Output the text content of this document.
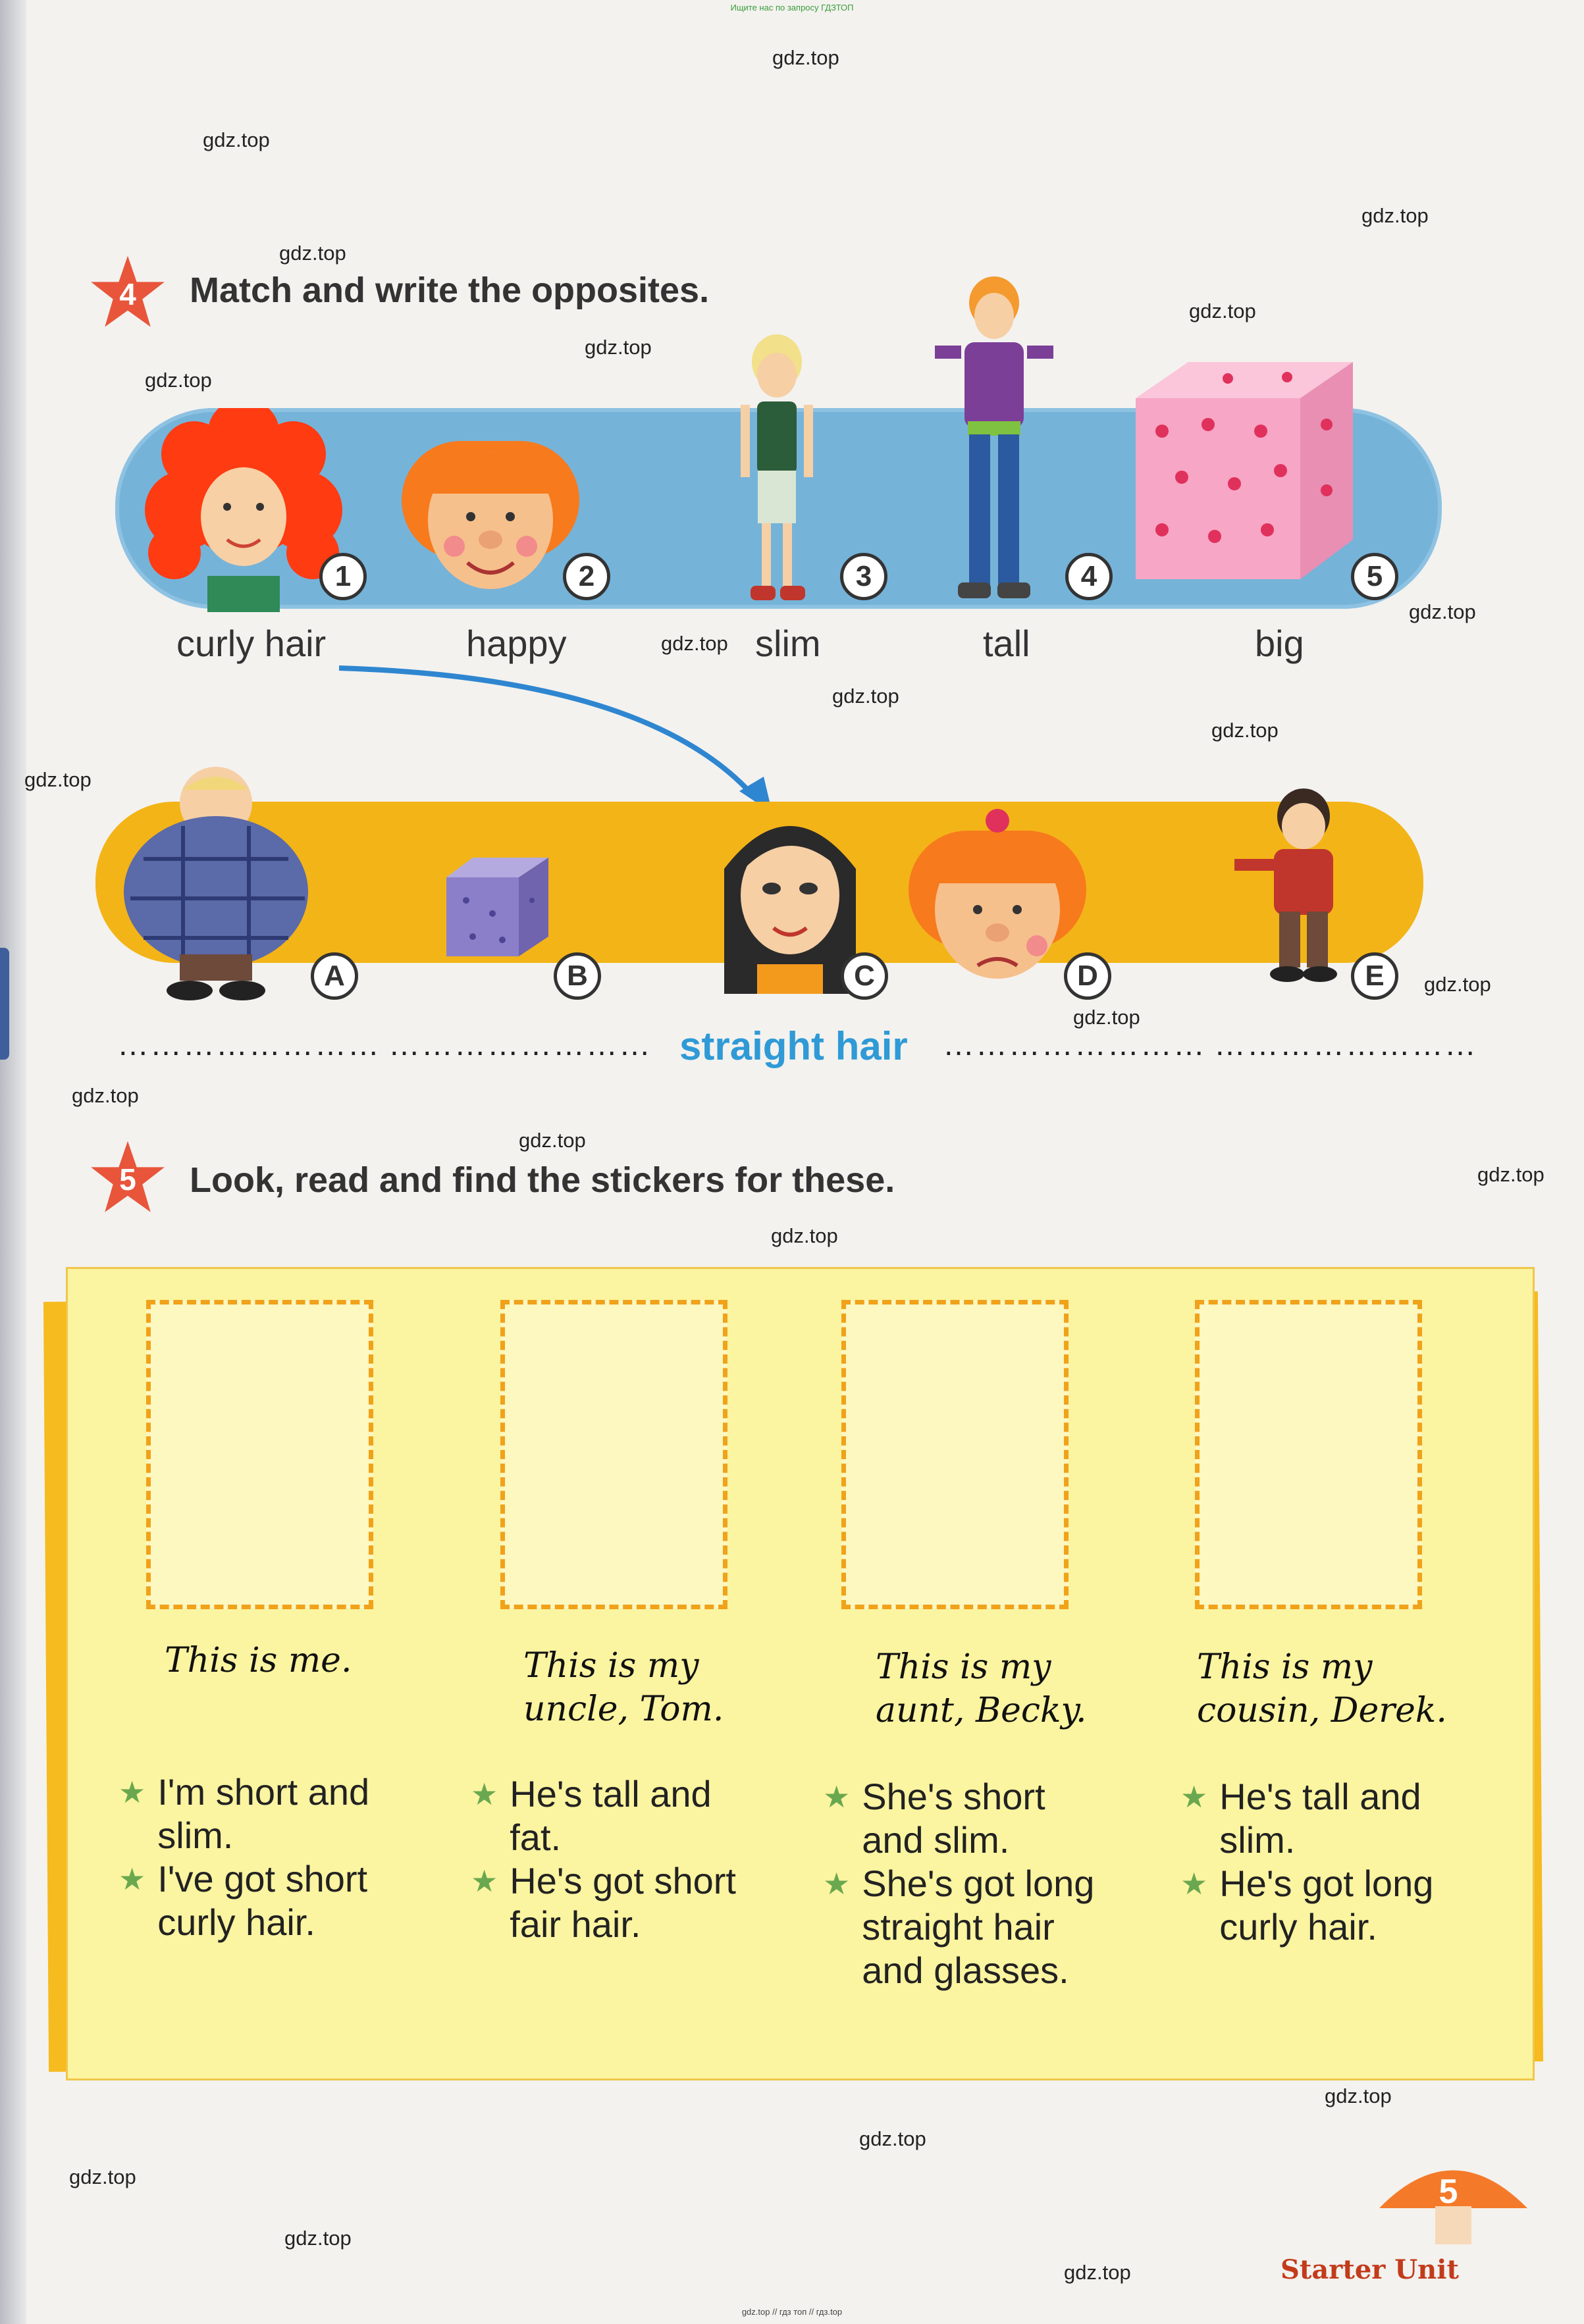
Ищите нас по запросу ГДЗТОП
gdz.top
gdz.top
gdz.top
gdz.top
gdz.top
gdz.top
gdz.top
gdz.top
gdz.top
gdz.top
gdz.top
gdz.top
gdz.top
gdz.top
gdz.top
gdz.top
gdz.top
gdz.top
gdz.top
gdz.top
gdz.top
gdz.top
gdz.top
4	Match and write the opposites.
1	2	3	4	5
curly hair	happy	slim	tall	big
A	B	C	D	E
…………………… …………………… straight hair …………………… ……………………
5	Look, read and find the stickers for these.
This is me.	This is my
uncle, Tom.
This is my
aunt, Becky.
This is my
cousin, Derek.
★ I'm short and slim.
★ I've got short curly hair.
★ He's tall and fat.
★ He's got short fair hair.
★ She's short and slim.
★ She's got long straight hair and glasses.
★ He's tall and slim.
★ He's got long curly hair.
5
Starter Unit
gdz.top // гдз топ // гдз.top
